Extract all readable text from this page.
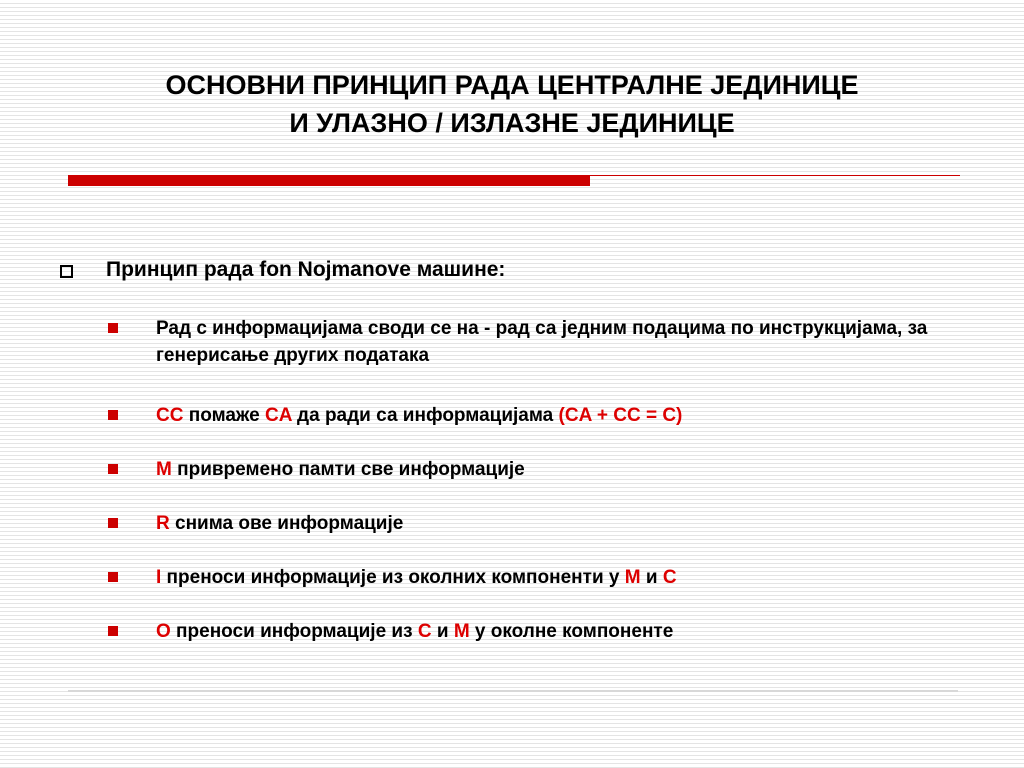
ОСНОВНИ ПРИНЦИП РАДА ЦЕНТРАЛНЕ ЈЕДИНИЦЕ
И УЛАЗНО / ИЗЛАЗНЕ ЈЕДИНИЦЕ
Принцип рада fon Nojmanove машине:
Рад с информацијама своди се на - рад са једним подацима по инструкцијама, за генерисање других података
CC помаже CA да ради са информацијама (CA + CC = C)
M привремено памти све информације
R снима ове информације
I преноси информације из околних компоненти у M и C
O преноси информације из C и M у околне компоненте
